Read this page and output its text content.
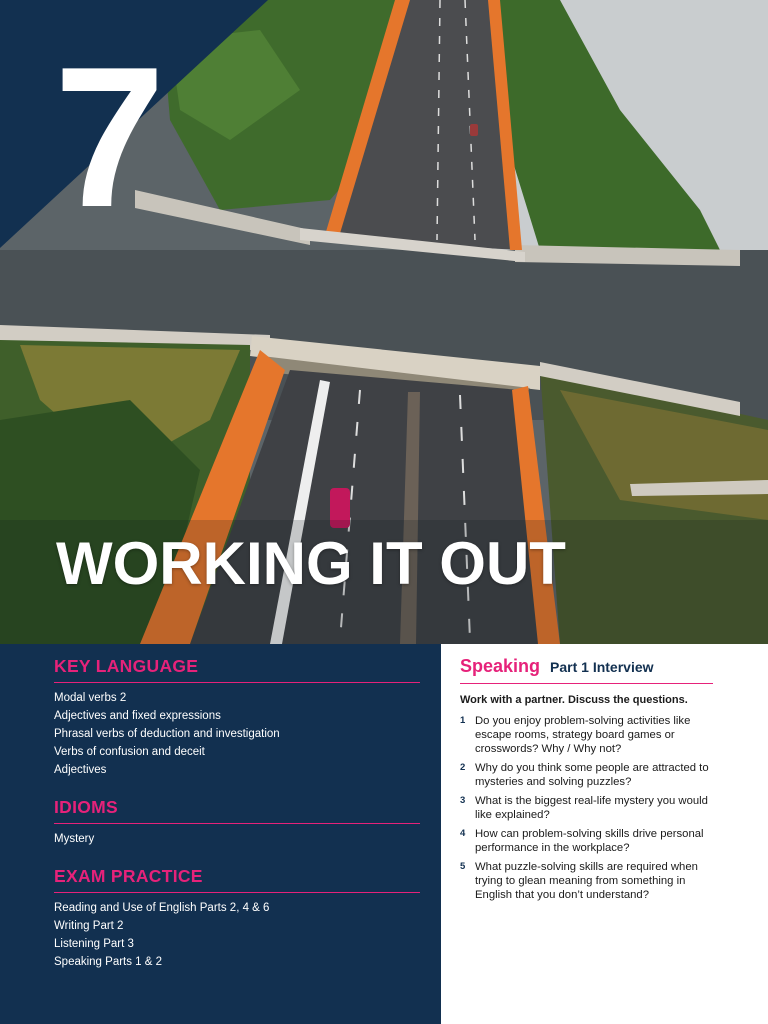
7
WORKING IT OUT
KEY LANGUAGE
Modal verbs 2
Adjectives and fixed expressions
Phrasal verbs of deduction and investigation
Verbs of confusion and deceit
Adjectives
IDIOMS
Mystery
EXAM PRACTICE
Reading and Use of English Parts 2, 4 & 6
Writing Part 2
Listening Part 3
Speaking Parts 1 & 2
Speaking Part 1 Interview
Work with a partner. Discuss the questions.
1 Do you enjoy problem-solving activities like escape rooms, strategy board games or crosswords? Why / Why not?
2 Why do you think some people are attracted to mysteries and solving puzzles?
3 What is the biggest real-life mystery you would like explained?
4 How can problem-solving skills drive personal performance in the workplace?
5 What puzzle-solving skills are required when trying to glean meaning from something in English that you don’t understand?
